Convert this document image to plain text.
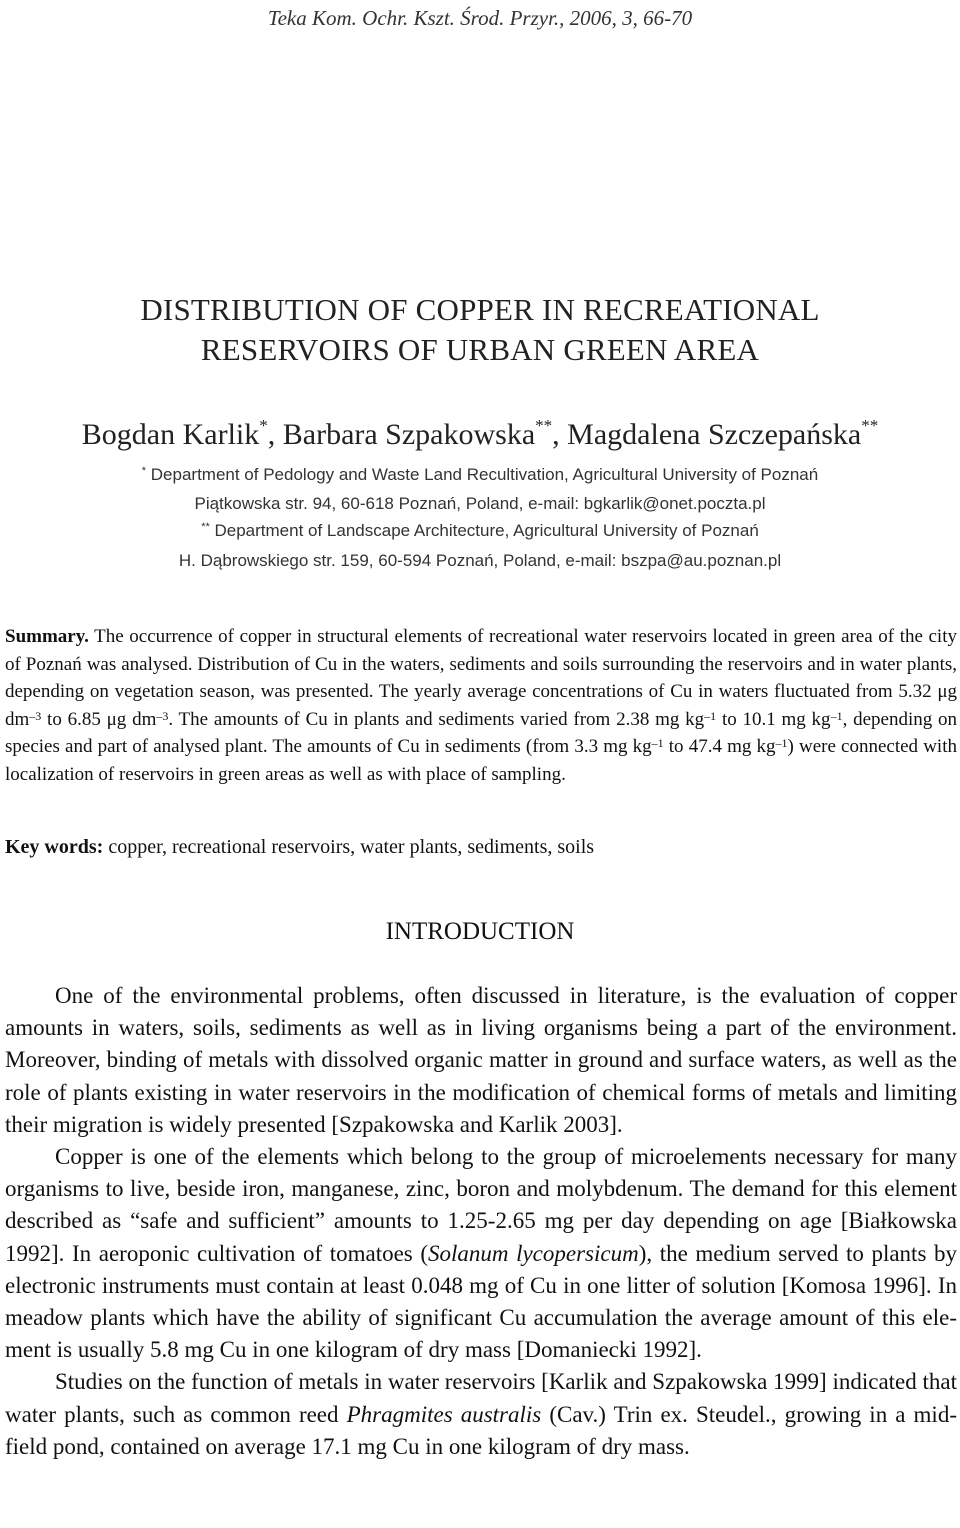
Teka Kom. Ochr. Kszt. Środ. Przyr., 2006, 3, 66-70
DISTRIBUTION OF COPPER IN RECREATIONAL
RESERVOIRS OF URBAN GREEN AREA
Bogdan Karlik*, Barbara Szpakowska**, Magdalena Szczepańska**
* Department of Pedology and Waste Land Recultivation, Agricultural University of Poznań
Piątkowska str. 94, 60-618 Poznań, Poland, e-mail: bgkarlik@onet.poczta.pl
** Department of Landscape Architecture, Agricultural University of Poznań
H. Dąbrowskiego str. 159, 60-594 Poznań, Poland, e-mail: bszpa@au.poznan.pl
Summary. The occurrence of copper in structural elements of recreational water reservoirs located in green area of the city of Poznań was analysed. Distribution of Cu in the waters, sediments and soils surrounding the reservoirs and in water plants, depending on vegetation season, was presented. The yearly average concentrations of Cu in waters fluctuated from 5.32 μg $dm^{-3}$ to 6.85 μg $dm^{-3}$. The amounts of Cu in plants and sediments varied from 2.38 mg $kg^{-1}$ to 10.1 mg $kg^{-1}$, depending on species and part of analysed plant. The amounts of Cu in sediments (from 3.3 mg $kg^{-1}$ to 47.4 mg $kg^{-1}$) were connected with localization of reservoirs in green areas as well as with place of sampling.
Key words: copper, recreational reservoirs, water plants, sediments, soils
INTRODUCTION

One of the environmental problems, often discussed in literature, is the evaluation of copper amounts in waters, soils, sediments as well as in living organisms being a part of the environment. Moreover, binding of metals with dissolved organic matter in ground and surface waters, as well as the role of plants existing in water reservoirs in the modification of chemical forms of metals and limiting their migration is widely presented [Szpakowska and Karlik 2003].

Copper is one of the elements which belong to the group of microelements necessary for many organisms to live, beside iron, manganese, zinc, boron and molybdenum. The demand for this element described as “safe and sufficient” amounts to 1.25-2.65 mg per day depending on age [Białkowska 1992]. In aeroponic cultivation of tomatoes (Solanum lycopersicum), the medium served to plants by electronic instruments must contain at least 0.048 mg of Cu in one litter of solution [Komosa 1996]. In meadow plants which have the ability of significant Cu accumulation the average amount of this element is usually 5.8 mg Cu in one kilogram of dry mass [Domaniecki 1992].

Studies on the function of metals in water reservoirs [Karlik and Szpakowska 1999] indicated that water plants, such as common reed Phragmites australis (Cav.) Trin ex. Steudel., growing in a mid-field pond, contained on average 17.1 mg Cu in one kilogram of dry mass.
